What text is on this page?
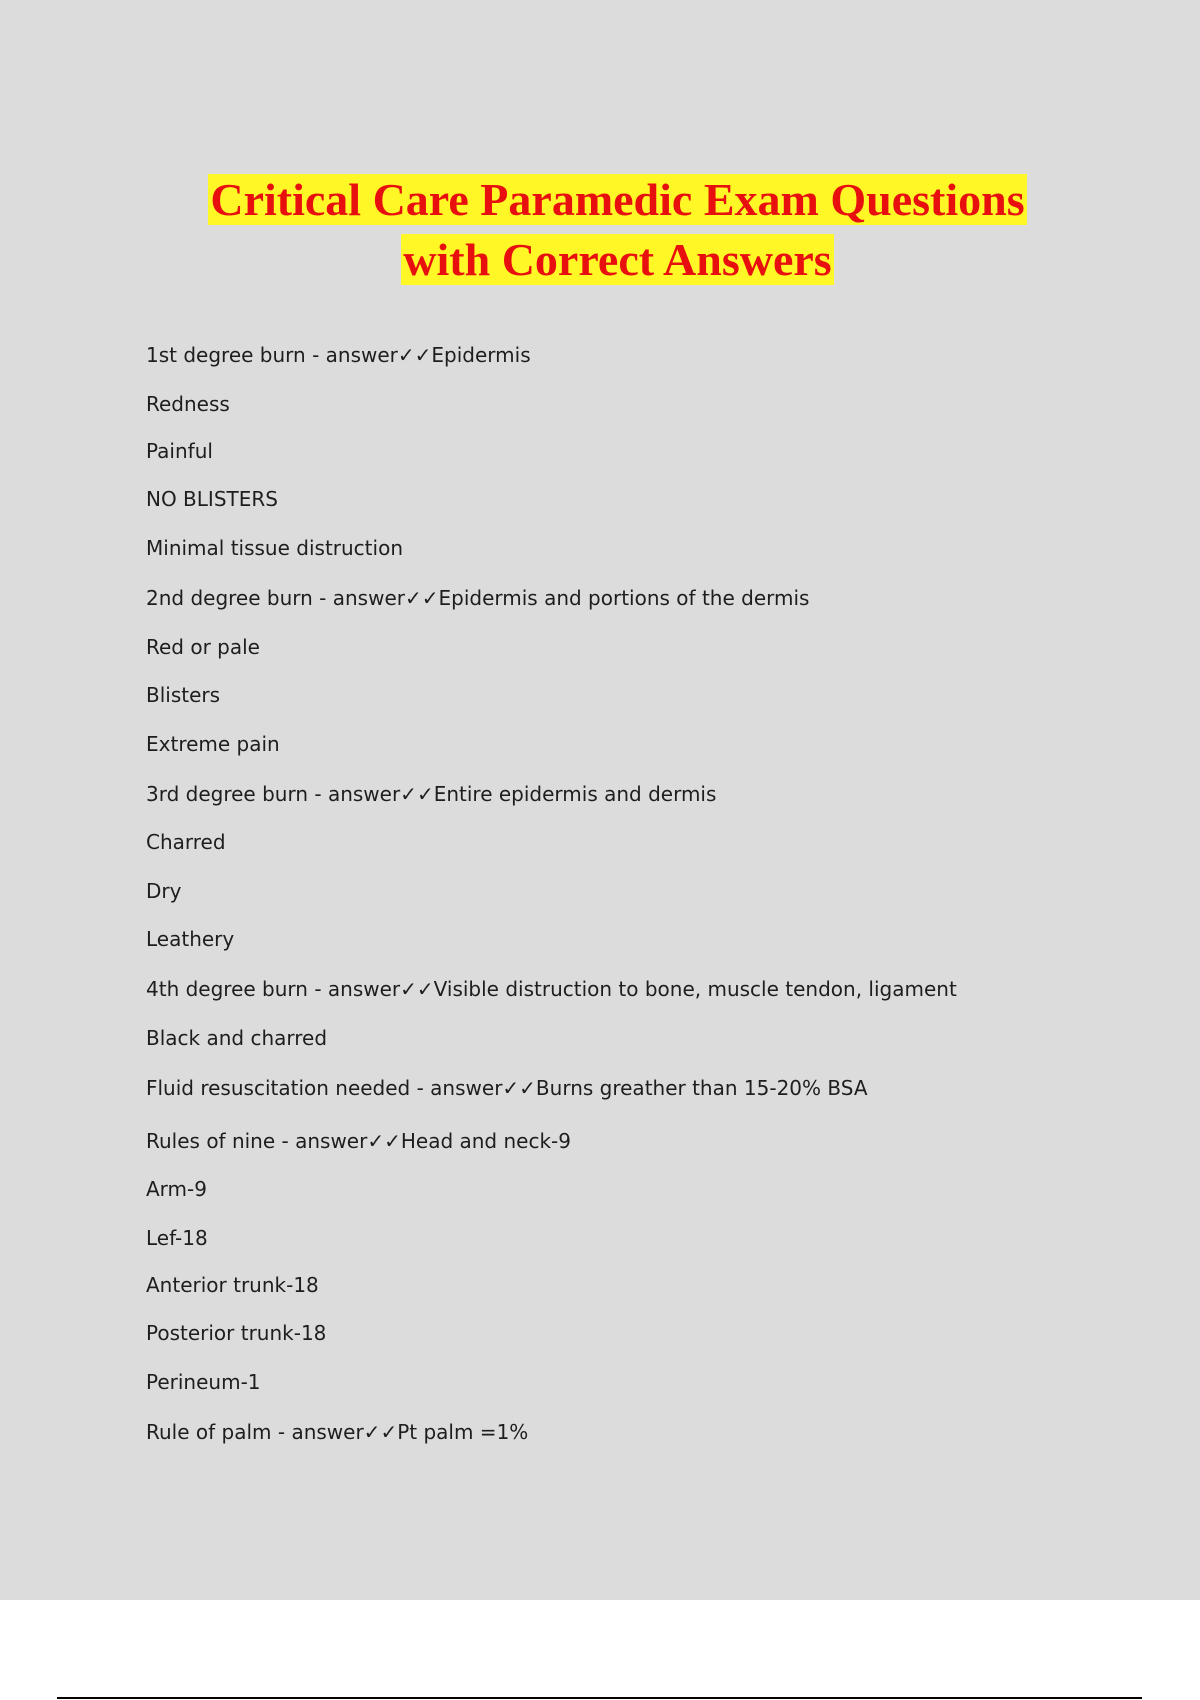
Critical Care Paramedic Exam Questions
with Correct Answers
1st degree burn - answer✓✓Epidermis
Redness
Painful
NO BLISTERS
Minimal tissue distruction
2nd degree burn - answer✓✓Epidermis and portions of the dermis
Red or pale
Blisters
Extreme pain
3rd degree burn - answer✓✓Entire epidermis and dermis
Charred
Dry
Leathery
4th degree burn - answer✓✓Visible distruction to bone, muscle tendon, ligament
Black and charred
Fluid resuscitation needed - answer✓✓Burns greather than 15-20% BSA
Rules of nine - answer✓✓Head and neck-9
Arm-9
Lef-18
Anterior trunk-18
Posterior trunk-18
Perineum-1
Rule of palm - answer✓✓Pt palm =1%
